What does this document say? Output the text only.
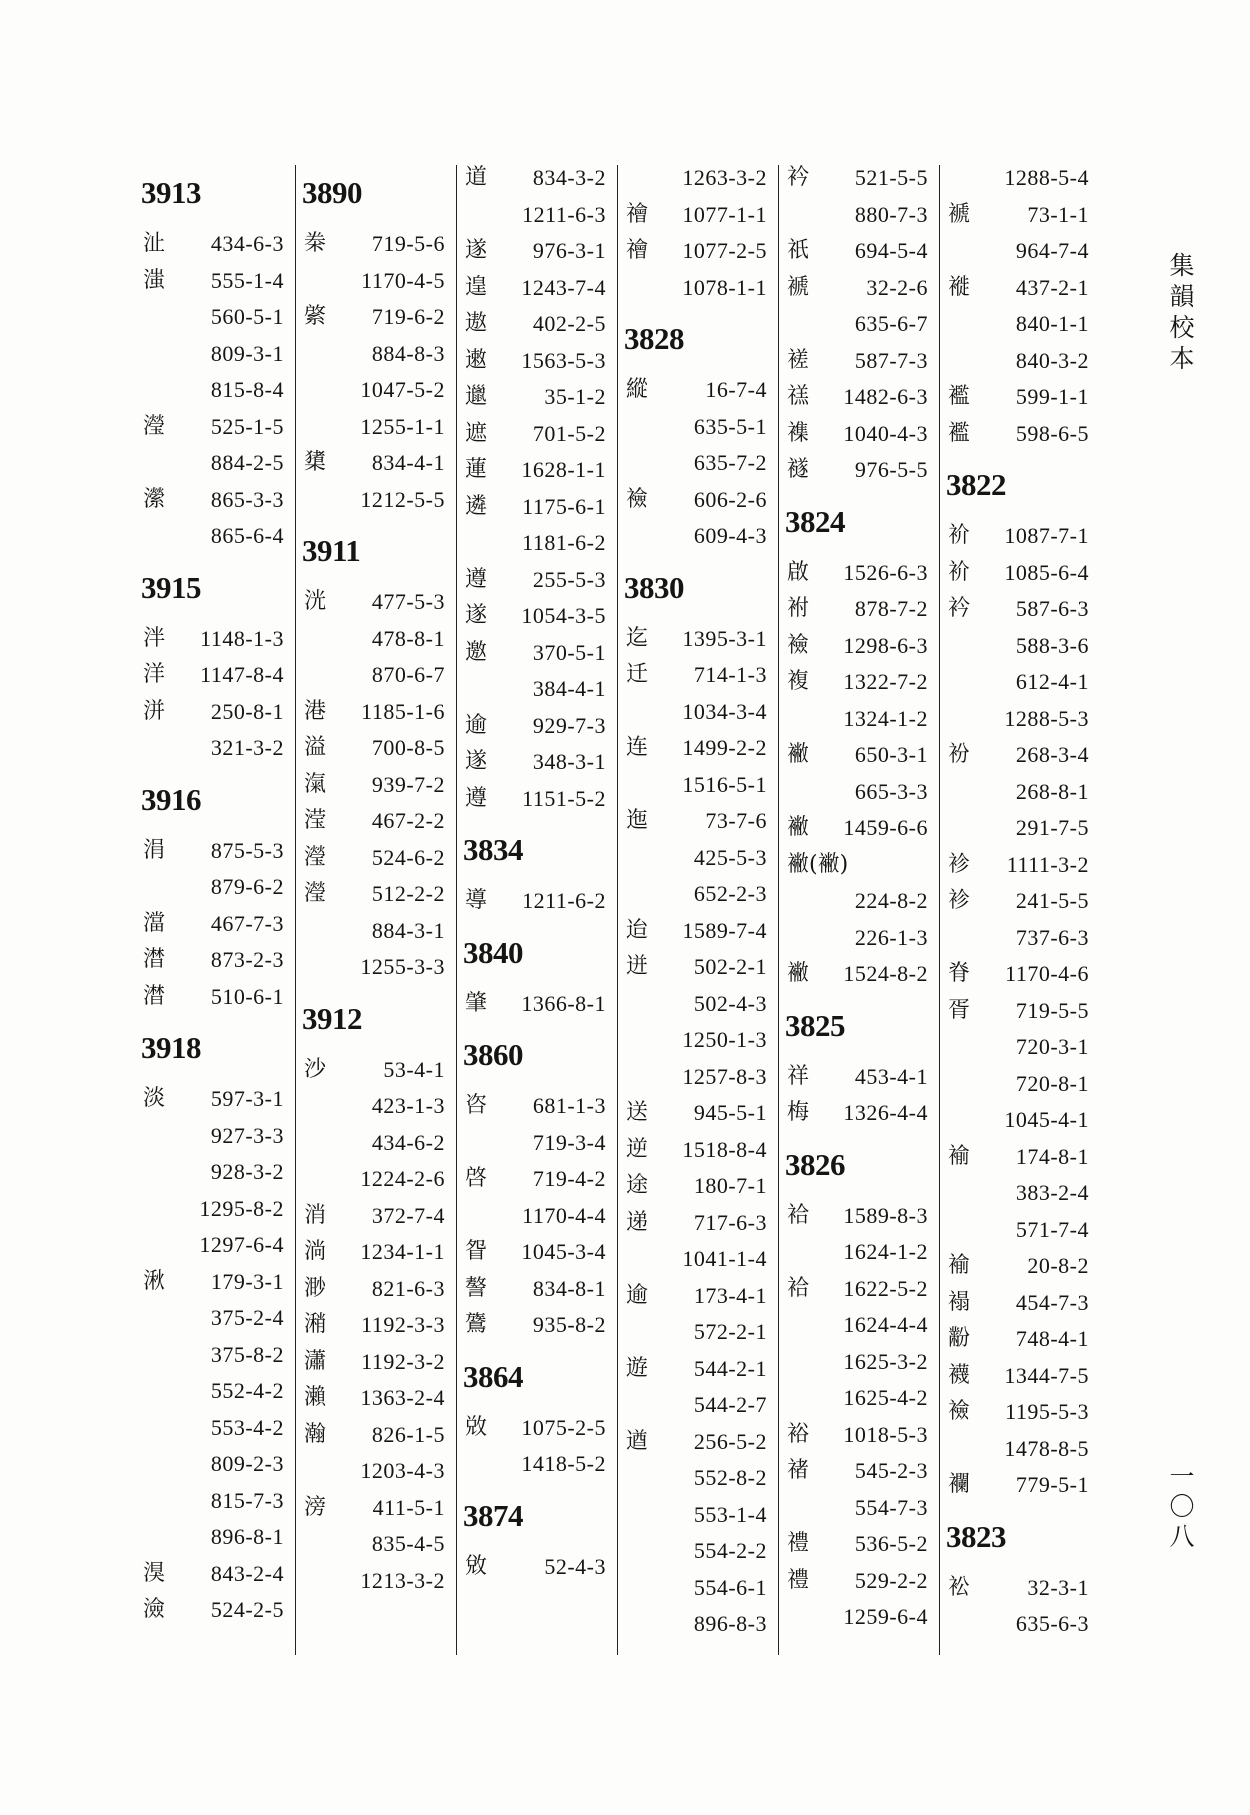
集
韻
校
本
一
〇
八
3913
沚 434-6-3
滍 555-1-4
560-5-1
809-3-1
815-8-4
瀅 525-1-5
884-2-5
瀠 865-3-3
865-6-4
3915
泮 1148-1-3
洋 1147-8-4
洴 250-8-1
321-3-2
3916
涓 875-5-3
879-6-2
澢 467-7-3
澘 873-2-3
澘 510-6-1
3918
淡 597-3-1
927-3-3
928-3-2
1295-8-2
1297-6-4
湫 179-3-1
375-2-4
375-8-2
552-4-2
553-4-2
809-2-3
815-7-3
896-8-1
湨 843-2-4
澰 524-2-5
3890
桊 719-5-6
1170-4-5
綮 719-6-2
884-8-3
1047-5-2
1255-1-1
橥 834-4-1
1212-5-5
3911
洸 477-5-3
478-8-1
870-6-7
港 1185-1-6
溢 700-8-5
滊 939-7-2
滢 467-2-2
瀅 524-6-2
瀅 512-2-2
884-3-1
1255-3-3
3912
沙	53-4-1
423-1-3
434-6-2
1224-2-6
消 372-7-4
淌 1234-1-1
渺 821-6-3
潲 1192-3-3
瀟 1192-3-2
瀨 1363-2-4
瀚 826-1-5
1203-4-3
滂 411-5-1
835-4-5
1213-3-2
道 834-3-2
1211-6-3
遂 976-3-1
遑 1243-7-4
遨 402-2-5
遫 1563-5-3
邋	35-1-2
遮 701-5-2
蓮 1628-1-1
遴 1175-6-1
1181-6-2
遵 255-5-3
遂 1054-3-5
邀 370-5-1
384-4-1
逾 929-7-3
遂 348-3-1
遵 1151-5-2
3834
導 1211-6-2
3840
肇 1366-8-1
3860
咨 681-1-3
719-3-4
啓 719-4-2
1170-4-4
眢 1045-3-4
謷 834-8-1
鷟 935-8-2
3864
敚 1075-2-5
1418-5-2
3874
敓	52-4-3
1263-3-2
禬 1077-1-1
禬 1077-2-5
1078-1-1
3828
縱	16-7-4
635-5-1
635-7-2
襝 606-2-6
609-4-3
3830
迄 1395-3-1
迁 714-1-3
1034-3-4
连 1499-2-2
1516-5-1
迤	73-7-6
425-5-3
652-2-3
迨 1589-7-4
迸 502-2-1
502-4-3
1250-1-3
1257-8-3
送 945-5-1
逆 1518-8-4
途 180-7-1
递 717-6-3
1041-1-4
逾 173-4-1
572-2-1
遊 544-2-1
544-2-7
遒 256-5-2
552-8-2
553-1-4
554-2-2
554-6-1
896-8-3
衿 521-5-5
880-7-3
祇 694-5-4
褫	32-2-6
635-6-7
褨 587-7-3
禚 1482-6-3
襍 1040-4-3
襚 976-5-5
3824
啟 1526-6-3
袝 878-7-2
襝 1298-6-3
複 1322-7-2
1324-1-2
襒 650-3-1
665-3-3
襒 1459-6-6
襒(襒)
224-8-2
226-1-3
襒 1524-8-2
3825
祥 453-4-1
梅 1326-4-4
3826
袷 1589-8-3
1624-1-2
袷 1622-5-2
1624-4-4
1625-3-2
1625-4-2
裕 1018-5-3
禇 545-2-3
554-7-3
禮 536-5-2
禮 529-2-2
1259-6-4
1288-5-4
褫	73-1-1
964-7-4
褷 437-2-1
840-1-1
840-3-2
襤 599-1-1
襤 598-6-5
3822
衸 1087-7-1
衸 1085-6-4
衿 587-6-3
588-3-6
612-4-1
1288-5-3
衯 268-3-4
268-8-1
291-7-5
袗 1111-3-2
袗 241-5-5
737-6-3
脊 1170-4-6
胥 719-5-5
720-3-1
720-8-1
1045-4-1
褕 174-8-1
383-2-4
571-7-4
褕	20-8-2
褟 454-7-3
黺 748-4-1
襪 1344-7-5
襝 1195-5-3
1478-8-5
襴 779-5-1
3823
衳	32-3-1
635-6-3
